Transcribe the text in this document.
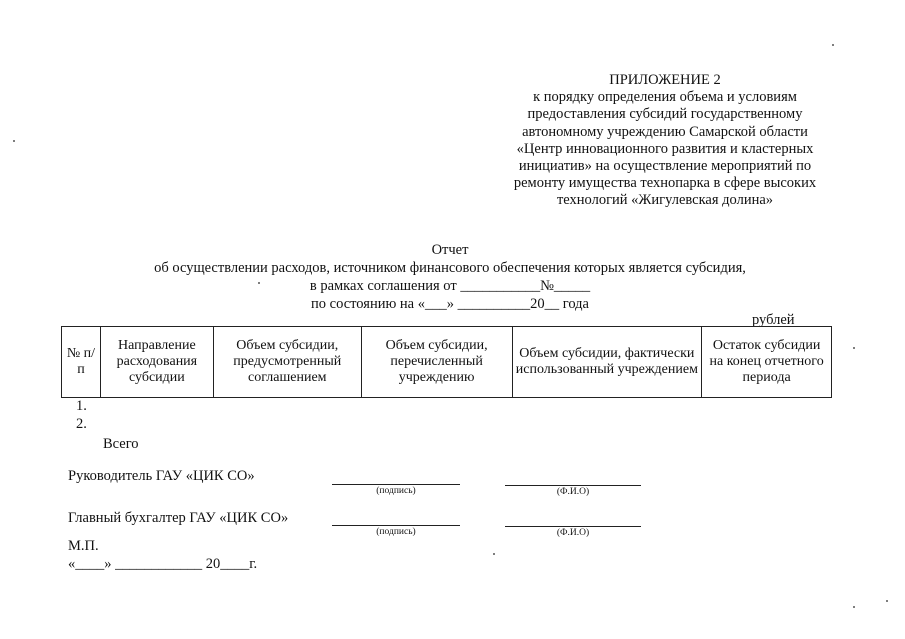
ПРИЛОЖЕНИЕ 2
к порядку определения объема и условиям
предоставления субсидий государственному
автономному учреждению Самарской области
«Центр инновационного развития и кластерных
инициатив» на осуществление мероприятий по
ремонту имущества технопарка в сфере высоких
технологий «Жигулевская долина»
Отчет
об осуществлении расходов, источником финансового обеспечения которых является субсидия,
в рамках соглашения от ___________№_____
по состоянию на «___» __________20__ года
рублей
№ п/п	Направление расходования субсидии	Объем субсидии, предусмотренный соглашением	Объем субсидии, перечисленный учреждению	Объем субсидии, фактически использованный учреждением	Остаток субсидии на конец отчетного периода
1.
2.
Всего
Руководитель ГАУ «ЦИК СО»
(подпись)	(Ф.И.О)
Главный бухгалтер ГАУ «ЦИК СО»
(подпись)	(Ф.И.О)
М.П.
«____» ____________ 20____г.
